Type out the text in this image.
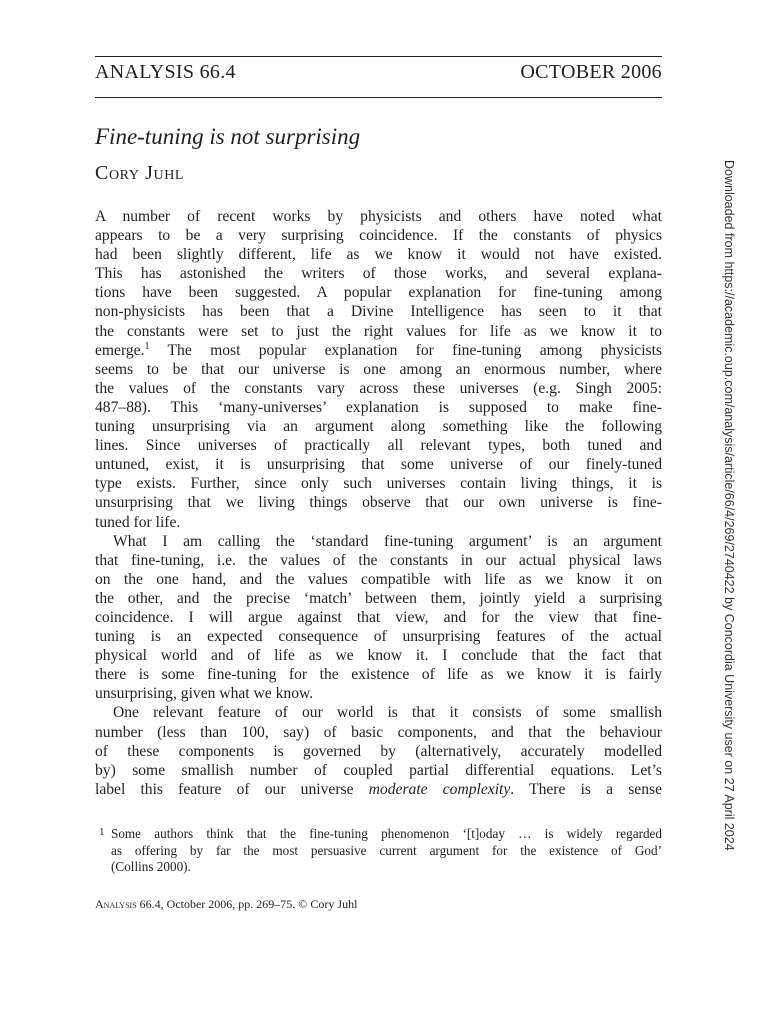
ANALYSIS 66.4	OCTOBER 2006
Fine-tuning is not surprising
Cory Juhl

A number of recent works by physicists and others have noted what
appears to be a very surprising coincidence. If the constants of physics
had been slightly different, life as we know it would not have existed.
This has astonished the writers of those works, and several explana-
tions have been suggested. A popular explanation for fine-tuning among
non-physicists has been that a Divine Intelligence has seen to it that
the constants were set to just the right values for life as we know it to
emerge.$^1$ The most popular explanation for fine-tuning among physicists
seems to be that our universe is one among an enormous number, where
the values of the constants vary across these universes (e.g. Singh 2005:
487–88). This ‘many-universes’ explanation is supposed to make fine-
tuning unsurprising via an argument along something like the following
lines. Since universes of practically all relevant types, both tuned and
untuned, exist, it is unsurprising that some universe of our finely-tuned
type exists. Further, since only such universes contain living things, it is
unsurprising that we living things observe that our own universe is fine-
tuned for life.

What I am calling the ‘standard fine-tuning argument’ is an argument
that fine-tuning, i.e. the values of the constants in our actual physical laws
on the one hand, and the values compatible with life as we know it on
the other, and the precise ‘match’ between them, jointly yield a surprising
coincidence. I will argue against that view, and for the view that fine-
tuning is an expected consequence of unsurprising features of the actual
physical world and of life as we know it. I conclude that the fact that
there is some fine-tuning for the existence of life as we know it is fairly
unsurprising, given what we know.

One relevant feature of our world is that it consists of some smallish
number (less than 100, say) of basic components, and that the behaviour
of these components is governed by (alternatively, accurately modelled
by) some smallish number of coupled partial differential equations. Let’s
label this feature of our universe moderate complexity. There is a sense

1 Some authors think that the fine-tuning phenomenon ‘[t]oday … is widely regarded
as offering by far the most persuasive current argument for the existence of God’
(Collins 2000).
Analysis 66.4, October 2006, pp. 269–75. © Cory Juhl
Downloaded from https://academic.oup.com/analysis/article/66/4/269/2740422 by Concordia University user on 27 April 2024
